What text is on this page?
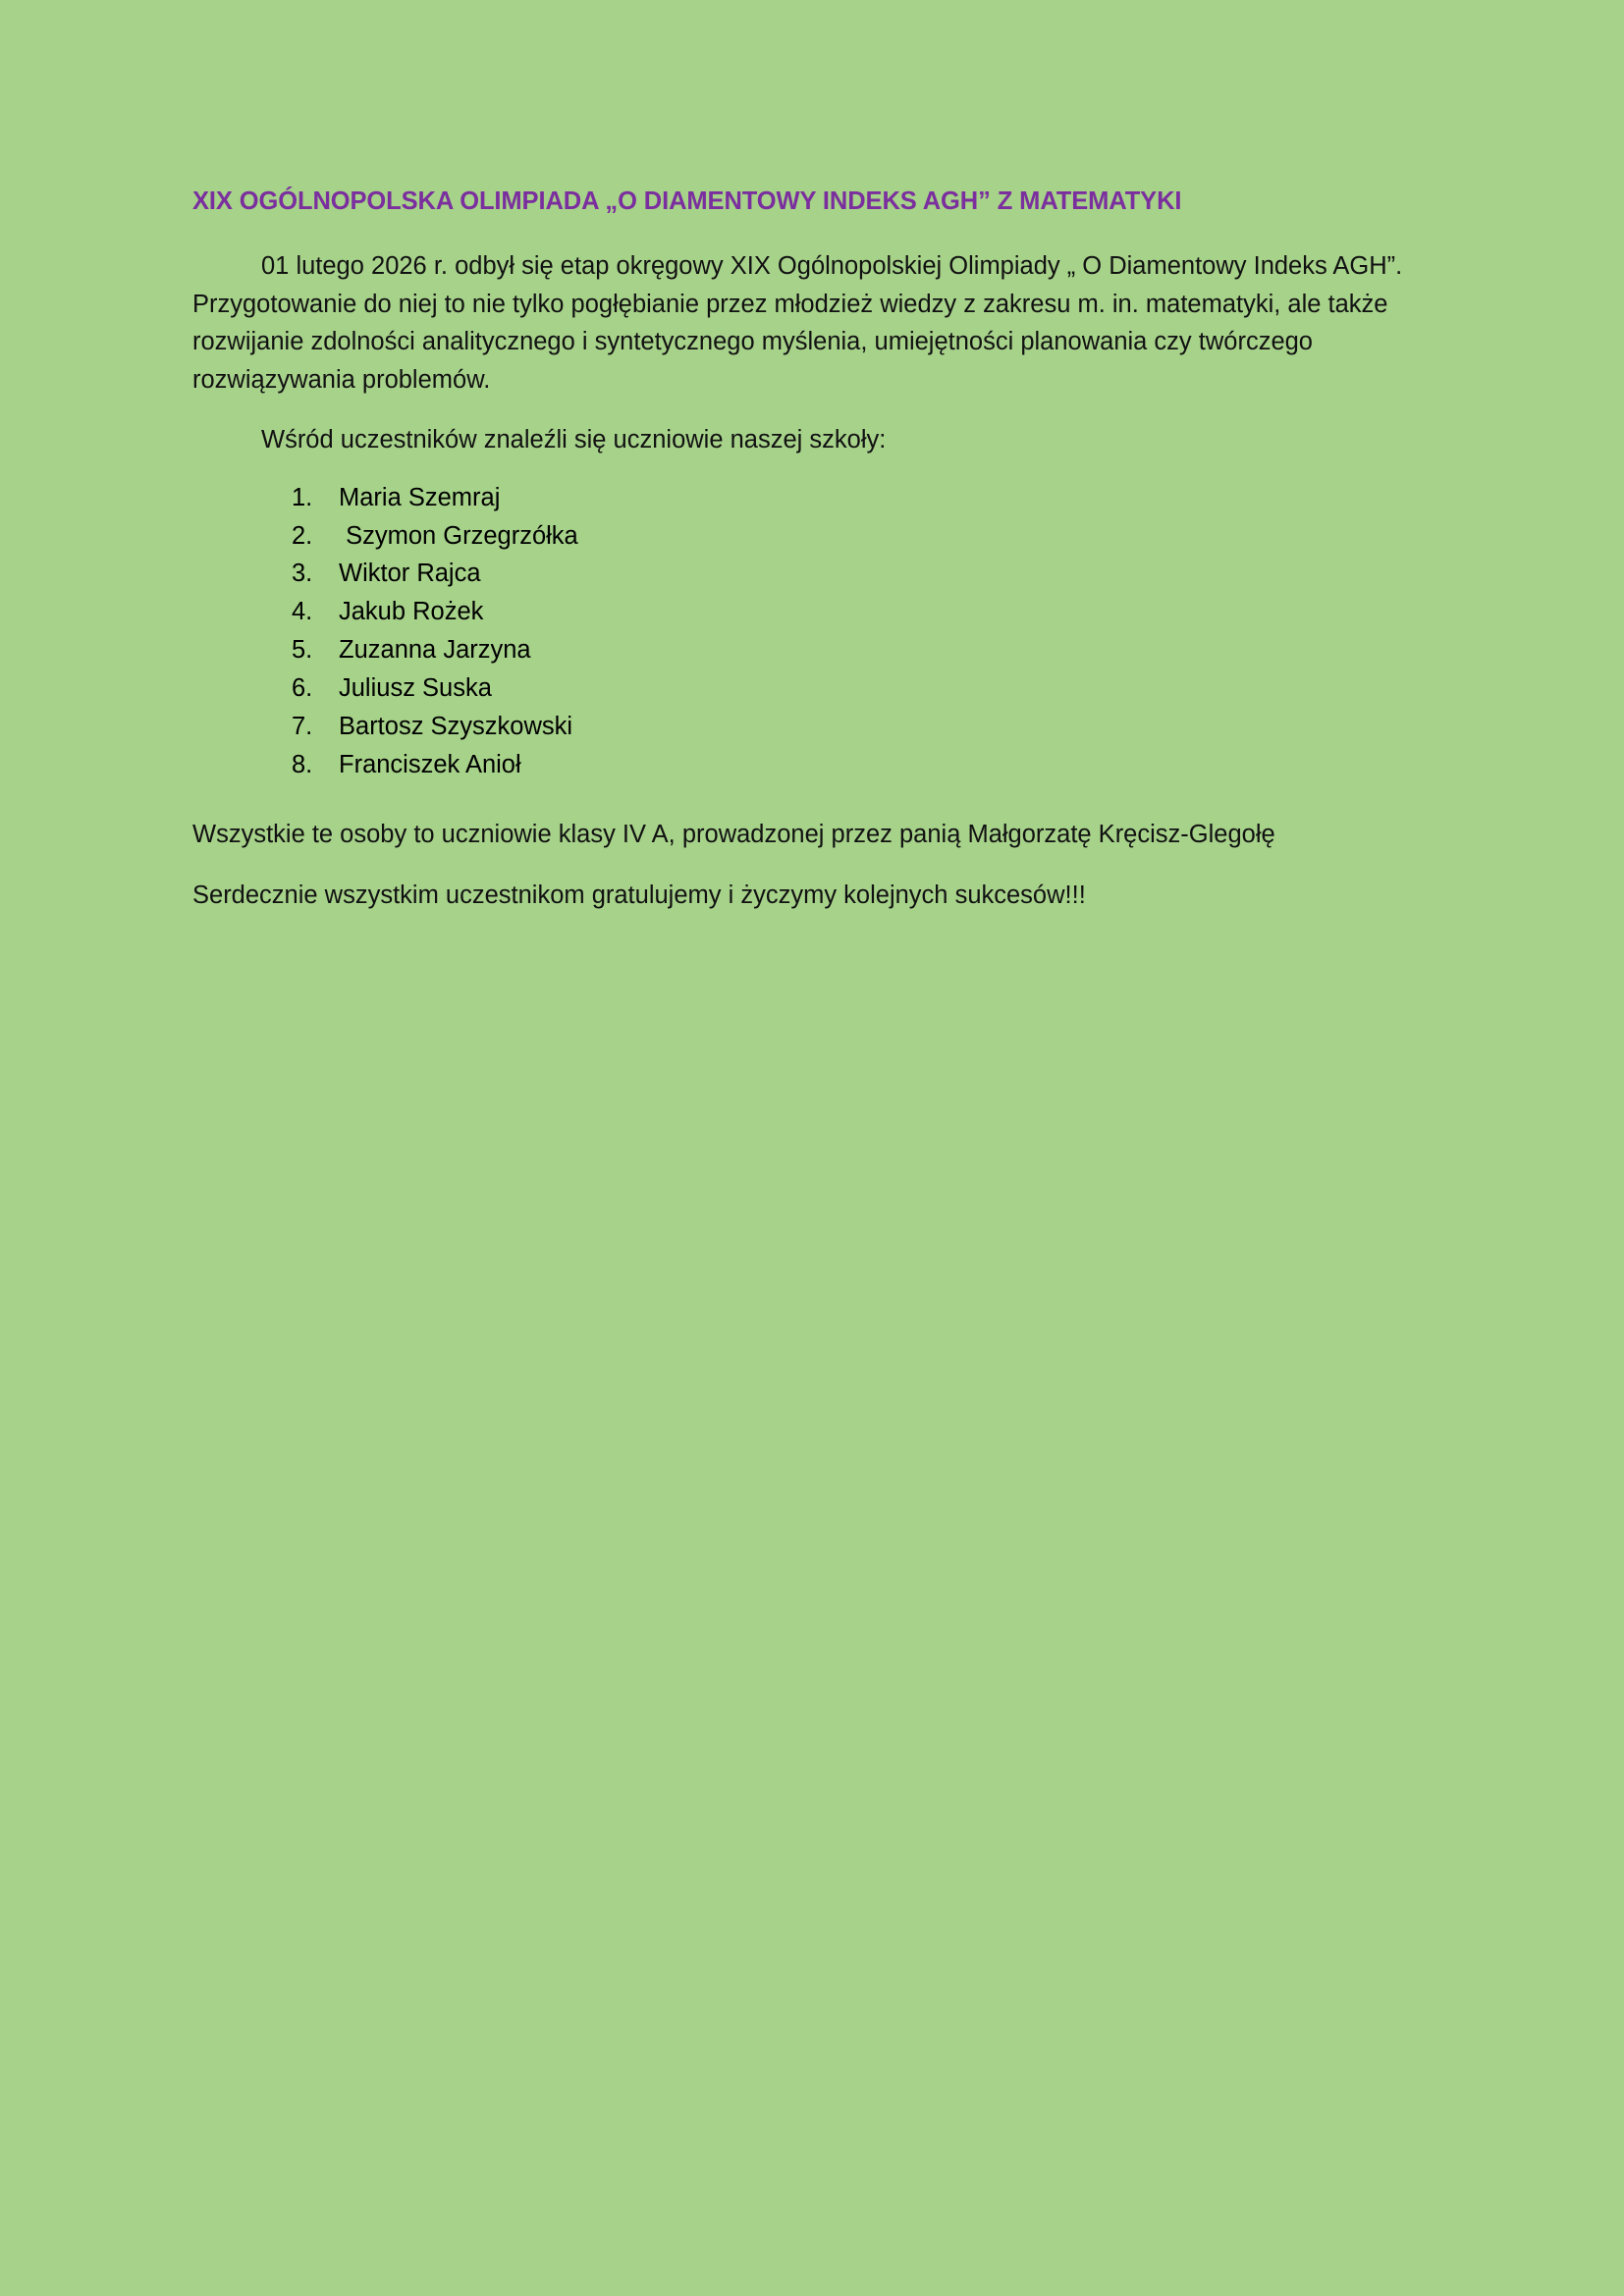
XIX OGÓLNOPOLSKA OLIMPIADA „O DIAMENTOWY INDEKS AGH” Z MATEMATYKI

01 lutego 2026 r. odbył się etap okręgowy XIX Ogólnopolskiej Olimpiady „ O Diamentowy Indeks AGH”. Przygotowanie do niej to nie tylko pogłębianie przez młodzież wiedzy z zakresu m. in. matematyki, ale także rozwijanie zdolności analitycznego i syntetycznego myślenia, umiejętności planowania czy twórczego rozwiązywania problemów.

Wśród uczestników znaleźli się uczniowie naszej szkoły:

1.	Maria Szemraj
2.	Szymon Grzegrzółka
3.	Wiktor Rajca
4.	Jakub Rożek
5.	Zuzanna Jarzyna
6.	Juliusz Suska
7.	Bartosz Szyszkowski
8.	Franciszek Anioł

Wszystkie te osoby to uczniowie klasy IV A, prowadzonej przez panią Małgorzatę Kręcisz-Glegołę

Serdecznie wszystkim uczestnikom gratulujemy i życzymy kolejnych sukcesów!!!
